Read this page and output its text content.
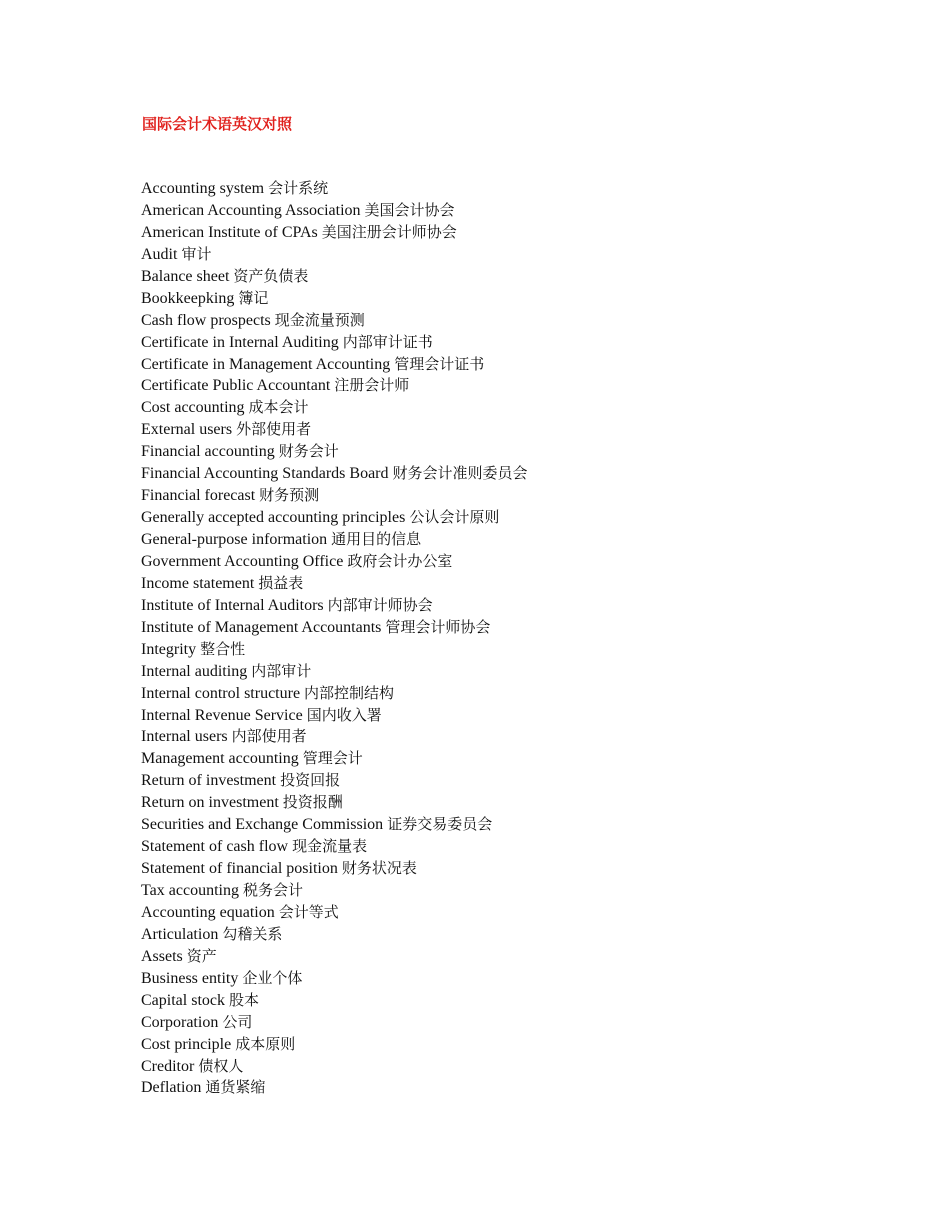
国际会计术语英汉对照
Accounting system 会计系统
American Accounting Association 美国会计协会
American Institute of CPAs 美国注册会计师协会
Audit 审计
Balance sheet 资产负债表
Bookkeepking 簿记
Cash flow prospects 现金流量预测
Certificate in Internal Auditing 内部审计证书
Certificate in Management Accounting 管理会计证书
Certificate Public Accountant 注册会计师
Cost accounting 成本会计
External users 外部使用者
Financial accounting 财务会计
Financial Accounting Standards Board 财务会计准则委员会
Financial forecast 财务预测
Generally accepted accounting principles 公认会计原则
General-purpose information 通用目的信息
Government Accounting Office 政府会计办公室
Income statement 损益表
Institute of Internal Auditors 内部审计师协会
Institute of Management Accountants 管理会计师协会
Integrity 整合性
Internal auditing 内部审计
Internal control structure 内部控制结构
Internal Revenue Service 国内收入署
Internal users 内部使用者
Management accounting 管理会计
Return of investment 投资回报
Return on investment 投资报酬
Securities and Exchange Commission 证券交易委员会
Statement of cash flow 现金流量表
Statement of financial position 财务状况表
Tax accounting 税务会计
Accounting equation 会计等式
Articulation 勾稽关系
Assets 资产
Business entity 企业个体
Capital stock 股本
Corporation 公司
Cost principle 成本原则
Creditor 债权人
Deflation 通货紧缩
